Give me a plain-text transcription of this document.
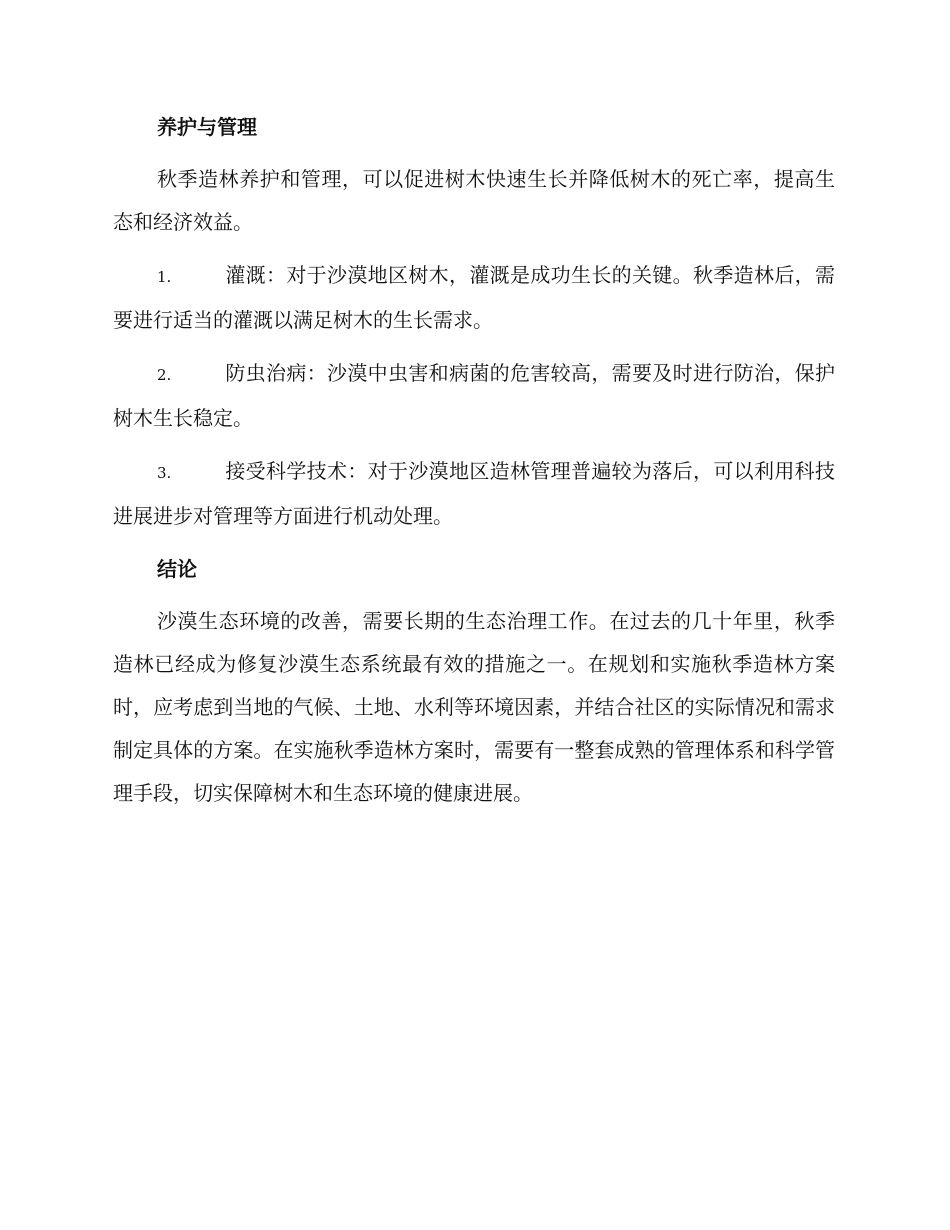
养护与管理

秋季造林养护和管理，可以促进树木快速生长并降低树木的死亡率，提高生态和经济效益。

1.	灌溉：对于沙漠地区树木，灌溉是成功生长的关键。秋季造林后，需要进行适当的灌溉以满足树木的生长需求。

2.	防虫治病：沙漠中虫害和病菌的危害较高，需要及时进行防治，保护树木生长稳定。

3.	接受科学技术：对于沙漠地区造林管理普遍较为落后，可以利用科技进展进步对管理等方面进行机动处理。

结论

沙漠生态环境的改善，需要长期的生态治理工作。在过去的几十年里，秋季造林已经成为修复沙漠生态系统最有效的措施之一。在规划和实施秋季造林方案时，应考虑到当地的气候、土地、水利等环境因素，并结合社区的实际情况和需求制定具体的方案。在实施秋季造林方案时，需要有一整套成熟的管理体系和科学管理手段，切实保障树木和生态环境的健康进展。
